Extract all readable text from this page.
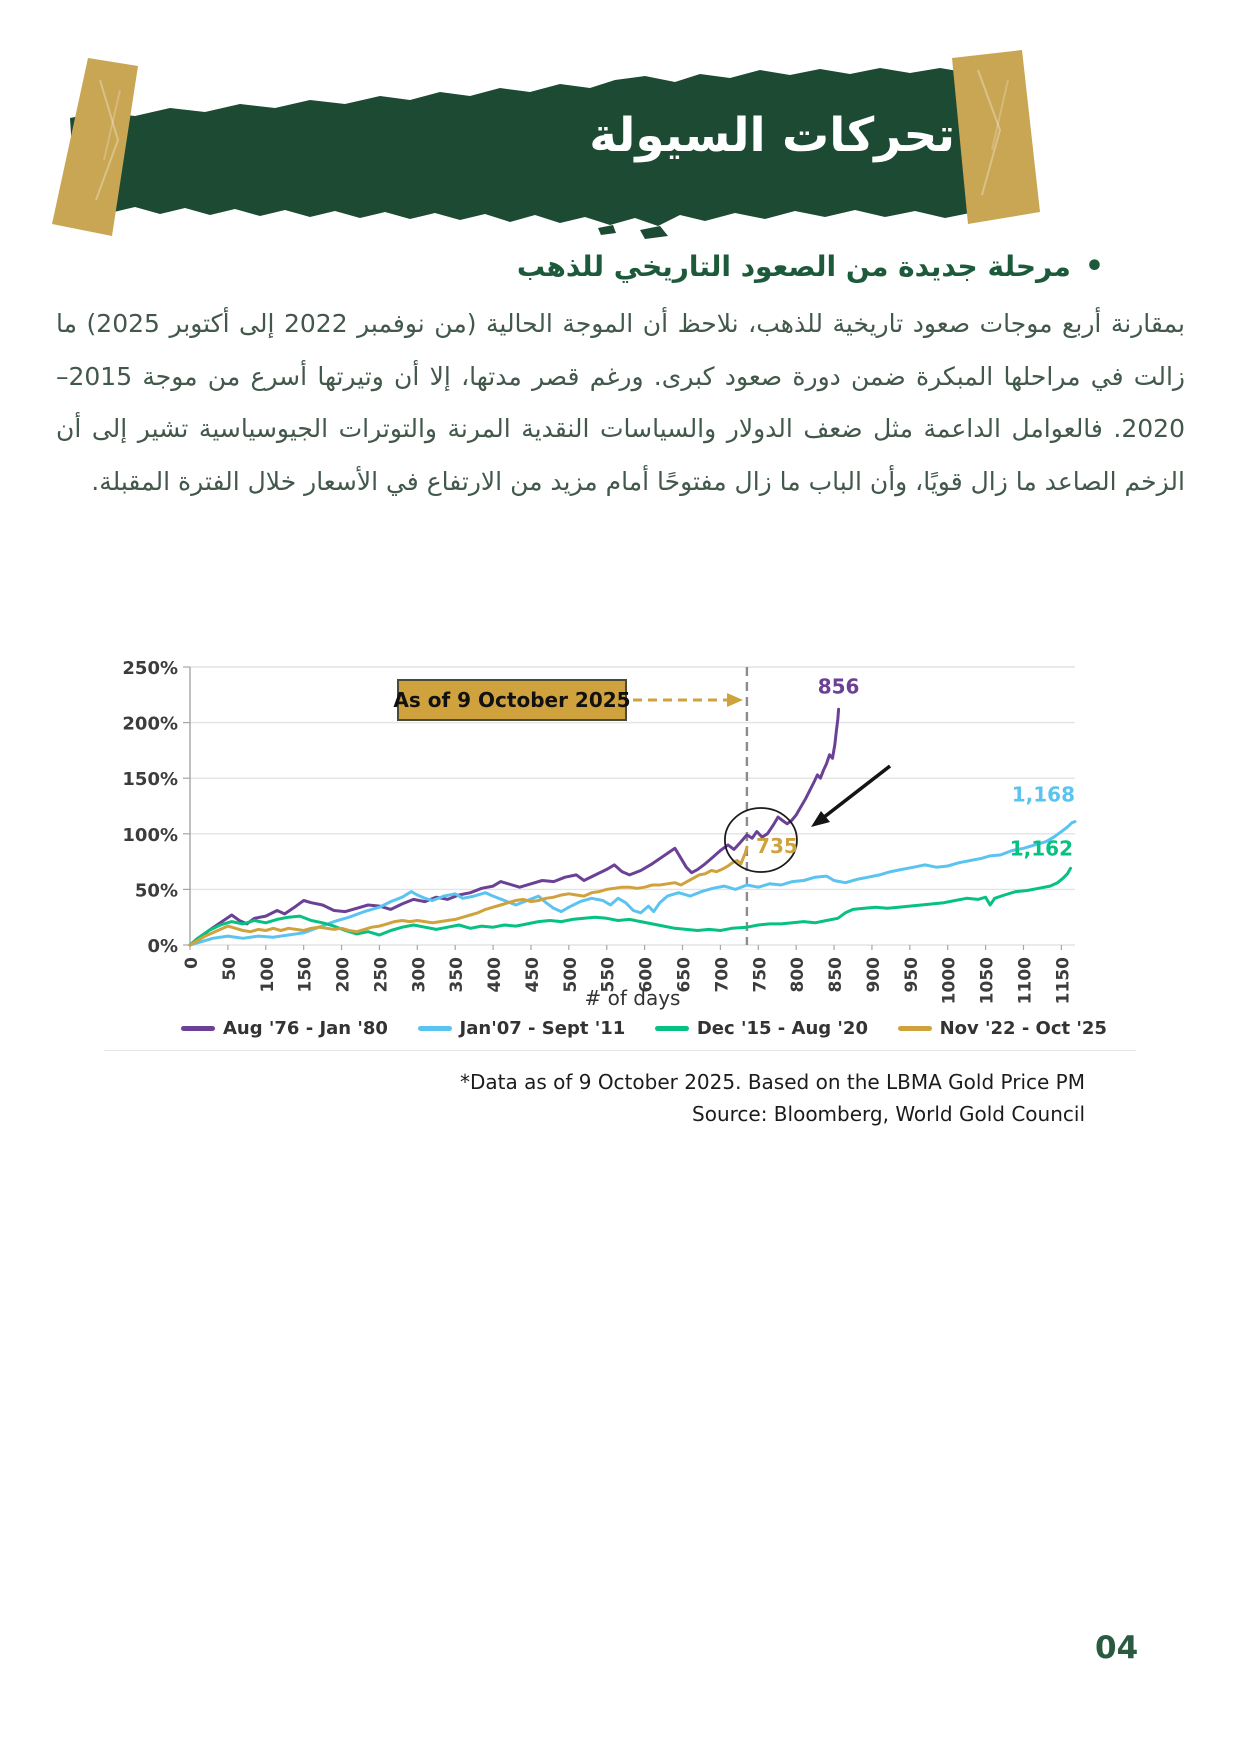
تحركات السيولة
•
مرحلة جديدة من الصعود التاريخي للذهب
بمقارنة أربع موجات صعود تاريخية للذهب، نلاحظ أن الموجة الحالية (من نوفمبر 2022 إلى أكتوبر 2025) ما زالت في مراحلها المبكرة ضمن دورة صعود كبرى. ورغم قصر مدتها، إلا أن وتيرتها أسرع من موجة 2015–2020. فالعوامل الداعمة مثل ضعف الدولار والسياسات النقدية المرنة والتوترات الجيوسياسية تشير إلى أن الزخم الصاعد ما زال قويًا، وأن الباب ما زال مفتوحًا أمام مزيد من الارتفاع في الأسعار خلال الفترة المقبلة.
0%
50%
100%
150%
200%
250%
0 50 100 150 200 250 300 350 400 450 500 550 600 650 700 750 800 850 900 950 1000 1050 1100 1150
# of days
As of 9 October 2025
856
1,168
1,162
735
Aug '76 - Jan '80	Jan'07 - Sept '11	Dec '15 - Aug '20	Nov '22 - Oct '25
*Data as of 9 October 2025. Based on the LBMA Gold Price PM
Source: Bloomberg, World Gold Council
04
